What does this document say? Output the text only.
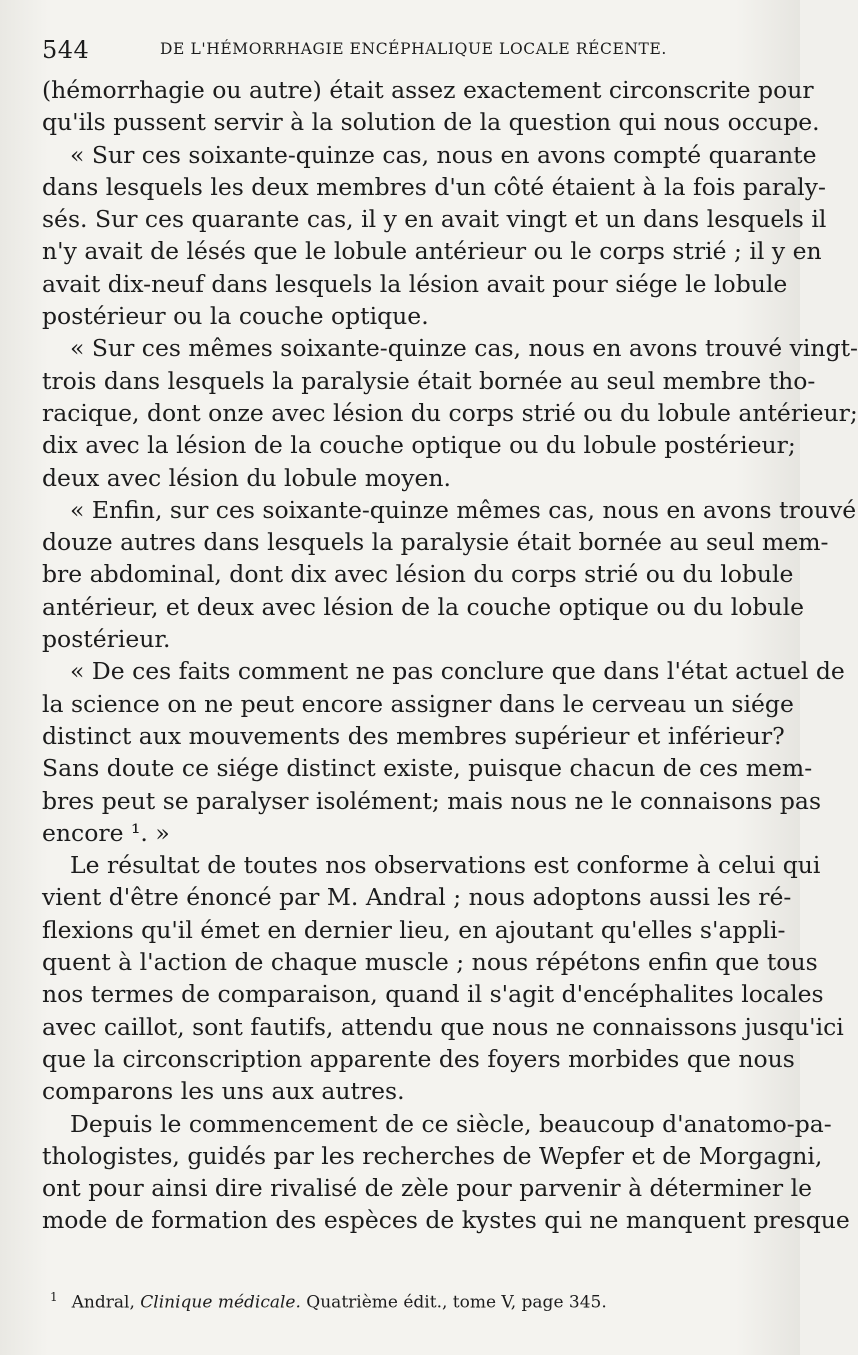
544	DE L'HÉMORRHAGIE ENCÉPHALIQUE LOCALE RÉCENTE.
(hémorrhagie ou autre) était assez exactement circonscrite pour
qu'ils pussent servir à la solution de la question qui nous occupe.
« Sur ces soixante-quinze cas, nous en avons compté quarante
dans lesquels les deux membres d'un côté étaient à la fois paraly-
sés. Sur ces quarante cas, il y en avait vingt et un dans lesquels il
n'y avait de lésés que le lobule antérieur ou le corps strié ; il y en
avait dix-neuf dans lesquels la lésion avait pour siége le lobule
postérieur ou la couche optique.
« Sur ces mêmes soixante-quinze cas, nous en avons trouvé vingt-
trois dans lesquels la paralysie était bornée au seul membre tho-
racique, dont onze avec lésion du corps strié ou du lobule antérieur;
dix avec la lésion de la couche optique ou du lobule postérieur;
deux avec lésion du lobule moyen.
« Enfin, sur ces soixante-quinze mêmes cas, nous en avons trouvé
douze autres dans lesquels la paralysie était bornée au seul mem-
bre abdominal, dont dix avec lésion du corps strié ou du lobule
antérieur, et deux avec lésion de la couche optique ou du lobule
postérieur.
« De ces faits comment ne pas conclure que dans l'état actuel de
la science on ne peut encore assigner dans le cerveau un siége
distinct aux mouvements des membres supérieur et inférieur?
Sans doute ce siége distinct existe, puisque chacun de ces mem-
bres peut se paralyser isolément; mais nous ne le connaisons pas
encore ¹. »
Le résultat de toutes nos observations est conforme à celui qui
vient d'être énoncé par M. Andral ; nous adoptons aussi les ré-
flexions qu'il émet en dernier lieu, en ajoutant qu'elles s'appli-
quent à l'action de chaque muscle ; nous répétons enfin que tous
nos termes de comparaison, quand il s'agit d'encéphalites locales
avec caillot, sont fautifs, attendu que nous ne connaissons jusqu'ici
que la circonscription apparente des foyers morbides que nous
comparons les uns aux autres.
Depuis le commencement de ce siècle, beaucoup d'anatomo-pa-
thologistes, guidés par les recherches de Wepfer et de Morgagni,
ont pour ainsi dire rivalisé de zèle pour parvenir à déterminer le
mode de formation des espèces de kystes qui ne manquent presque
$^1$ Andral, Clinique médicale. Quatrième édit., tome V, page 345.
